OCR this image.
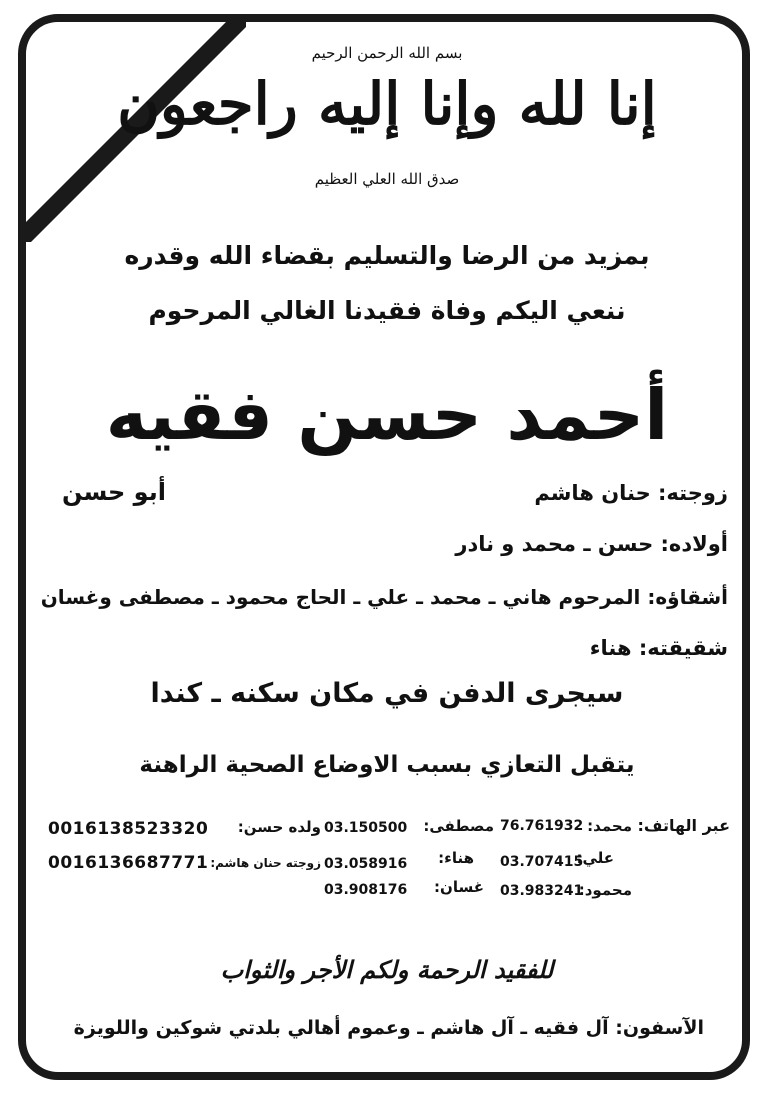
بسم الله الرحمن الرحيم
إنا لله وإنا إليه راجعون
صدق الله العلي العظيم
بمزيد من الرضا والتسليم بقضاء الله وقدره
ننعي اليكم وفاة فقيدنا الغالي المرحوم
أحمد حسن فقيه
زوجته: حنان هاشم
أبو حسن
أولاده: حسن ـ محمد و نادر
أشقاؤه: المرحوم هاني ـ محمد ـ علي ـ الحاج محمود ـ مصطفى وغسان
شقيقته: هناء
سيجرى الدفن في مكان سكنه ـ كندا
يتقبل التعازي بسبب الاوضاع الصحية الراهنة
عبر الهاتف:
محمد:
76.761932
علي:
03.707415
محمود:
03.983241
مصطفى:
03.150500
هناء:
03.058916
غسان:
03.908176
ولده حسن:
0016138523320
زوجته حنان هاشم:
0016136687771
للفقيد الرحمة ولكم الأجر والثواب
الآسفون: آل فقيه ـ آل هاشم ـ وعموم أهالي بلدتي شوكين واللويزة
